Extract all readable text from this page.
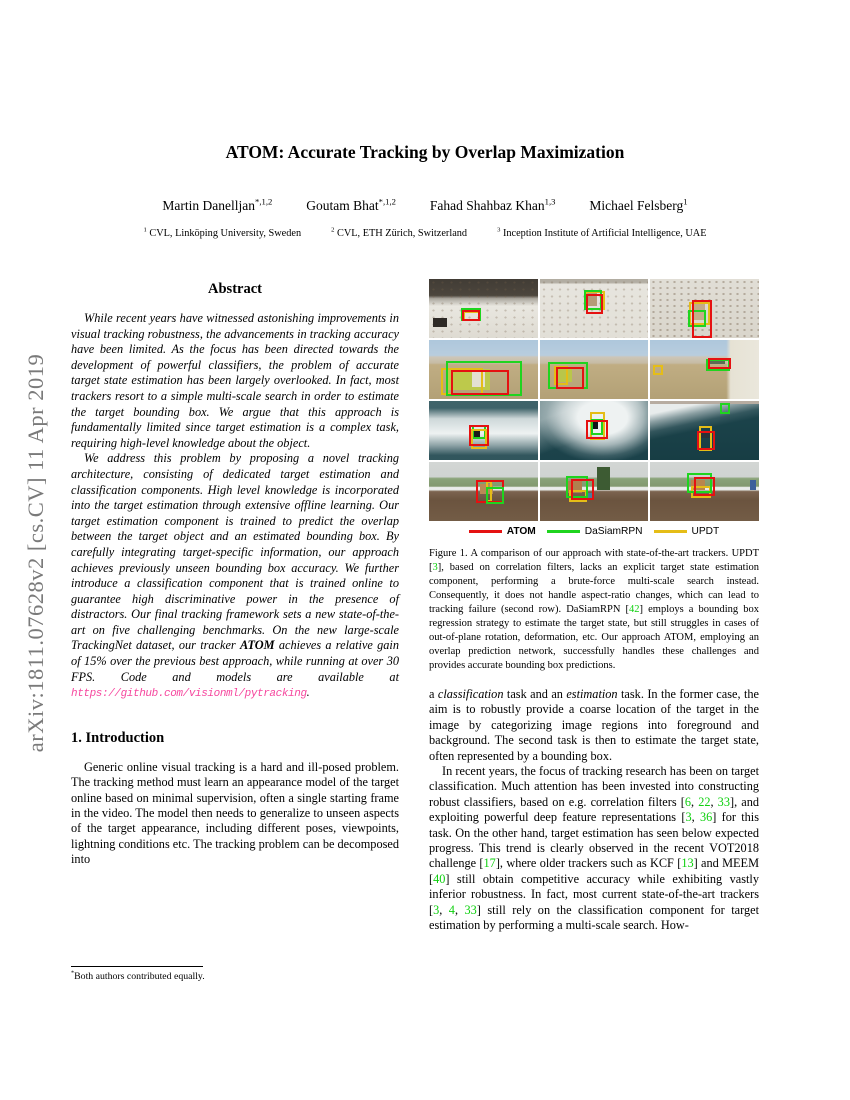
arXiv:1811.07628v2 [cs.CV] 11 Apr 2019
ATOM: Accurate Tracking by Overlap Maximization
Martin Danelljan$^{*,1,2}$	Goutam Bhat$^{*,1,2}$	Fahad Shahbaz Khan$^{1,3}$	Michael Felsberg$^1$
$^1$ CVL, Linköping University, Sweden	$^2$ CVL, ETH Zürich, Switzerland	$^3$ Inception Institute of Artificial Intelligence, UAE
Abstract

While recent years have witnessed astonishing improvements in visual tracking robustness, the advancements in tracking accuracy have been limited. As the focus has been directed towards the development of powerful classifiers, the problem of accurate target state estimation has been largely overlooked. In fact, most trackers resort to a simple multi-scale search in order to estimate the target bounding box. We argue that this approach is fundamentally limited since target estimation is a complex task, requiring high-level knowledge about the object.

We address this problem by proposing a novel tracking architecture, consisting of dedicated target estimation and classification components. High level knowledge is incorporated into the target estimation through extensive offline learning. Our target estimation component is trained to predict the overlap between the target object and an estimated bounding box. By carefully integrating target-specific information, our approach achieves previously unseen bounding box accuracy. We further introduce a classification component that is trained online to guarantee high discriminative power in the presence of distractors. Our final tracking framework sets a new state-of-the-art on five challenging benchmarks. On the new large-scale TrackingNet dataset, our tracker ATOM achieves a relative gain of 15% over the previous best approach, while running at over 30 FPS. Code and models are available at https://github.com/visionml/pytracking.

1. Introduction

Generic online visual tracking is a hard and ill-posed problem. The tracking method must learn an appearance model of the target online based on minimal supervision, often a single starting frame in the video. The model then needs to generalize to unseen aspects of the target appearance, including different poses, viewpoints, lightning conditions etc. The tracking problem can be decomposed into

*Both authors contributed equally.
ATOM	DaSiamRPN	UPDT
Figure 1. A comparison of our approach with state-of-the-art trackers. UPDT [3], based on correlation filters, lacks an explicit target state estimation component, performing a brute-force multi-scale search instead. Consequently, it does not handle aspect-ratio changes, which can lead to tracking failure (second row). DaSiamRPN [42] employs a bounding box regression strategy to estimate the target state, but still struggles in cases of out-of-plane rotation, deformation, etc. Our approach ATOM, employing an overlap prediction network, successfully handles these challenges and provides accurate bounding box predictions.

a classification task and an estimation task. In the former case, the aim is to robustly provide a coarse location of the target in the image by categorizing image regions into foreground and background. The second task is then to estimate the target state, often represented by a bounding box.

In recent years, the focus of tracking research has been on target classification. Much attention has been invested into constructing robust classifiers, based on e.g. correlation filters [6, 22, 33], and exploiting powerful deep feature representations [3, 36] for this task. On the other hand, target estimation has seen below expected progress. This trend is clearly observed in the recent VOT2018 challenge [17], where older trackers such as KCF [13] and MEEM [40] still obtain competitive accuracy while exhibiting vastly inferior robustness. In fact, most current state-of-the-art trackers [3, 4, 33] still rely on the classification component for target estimation by performing a multi-scale search. How-
